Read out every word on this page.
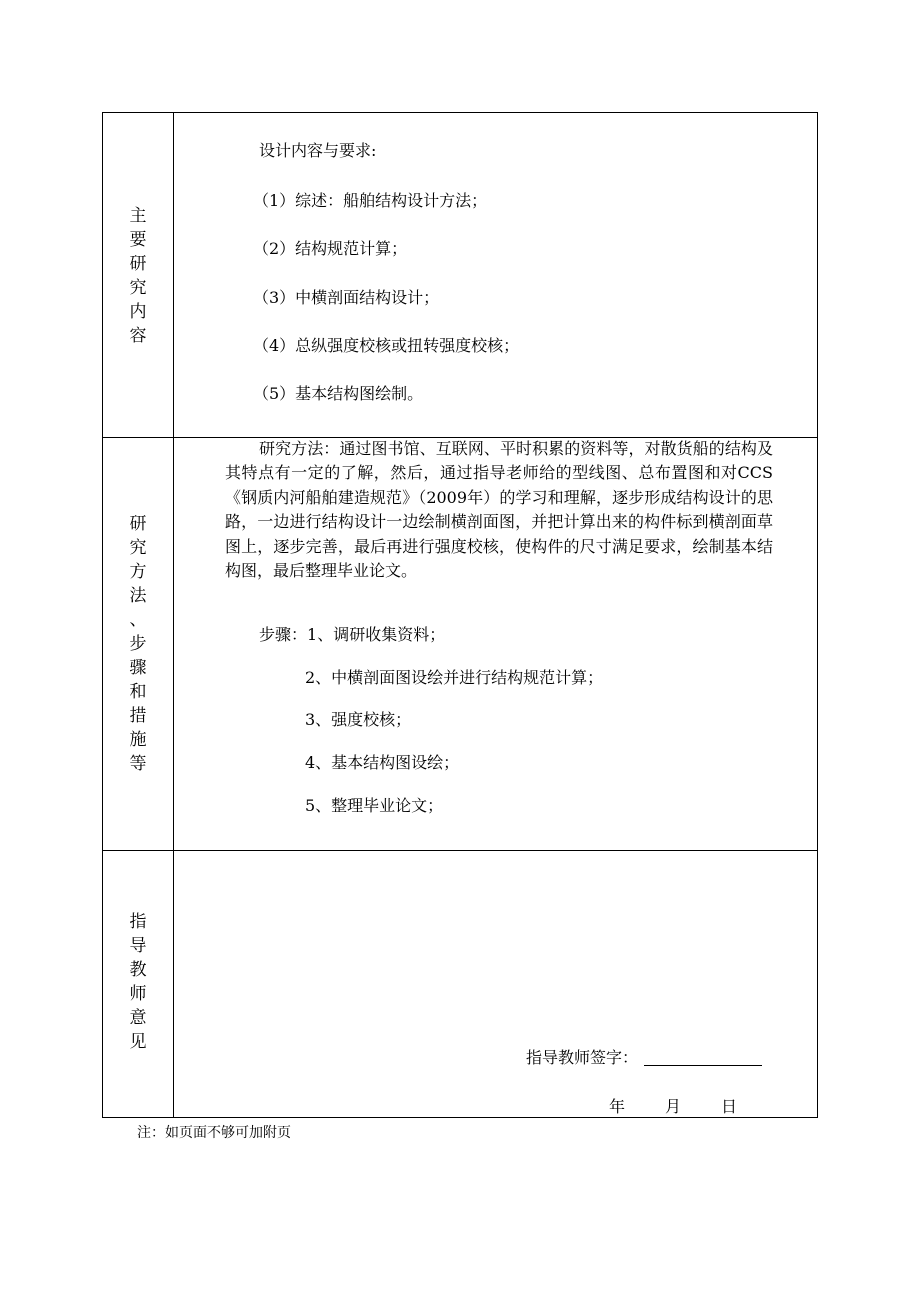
主
要
研
究
内
容
设计内容与要求:
（1）综述：船舶结构设计方法；
（2）结构规范计算；
（3）中横剖面结构设计；
（4）总纵强度校核或扭转强度校核；
（5）基本结构图绘制。
研
究
方
法
、
步
骤
和
措
施
等
研究方法：通过图书馆、互联网、平时积累的资料等，对散货船的结构及其特点有一定的了解，然后，通过指导老师给的型线图、总布置图和对CCS《钢质内河船舶建造规范》（2009年）的学习和理解，逐步形成结构设计的思路，一边进行结构设计一边绘制横剖面图，并把计算出来的构件标到横剖面草图上，逐步完善，最后再进行强度校核，使构件的尺寸满足要求，绘制基本结构图，最后整理毕业论文。
步骤：1、调研收集资料；
2、中横剖面图设绘并进行结构规范计算；
3、强度校核；
4、基本结构图设绘；
5、整理毕业论文；
指
导
教
师
意
见
指导教师签字：
年 月 日
注：如页面不够可加附页
